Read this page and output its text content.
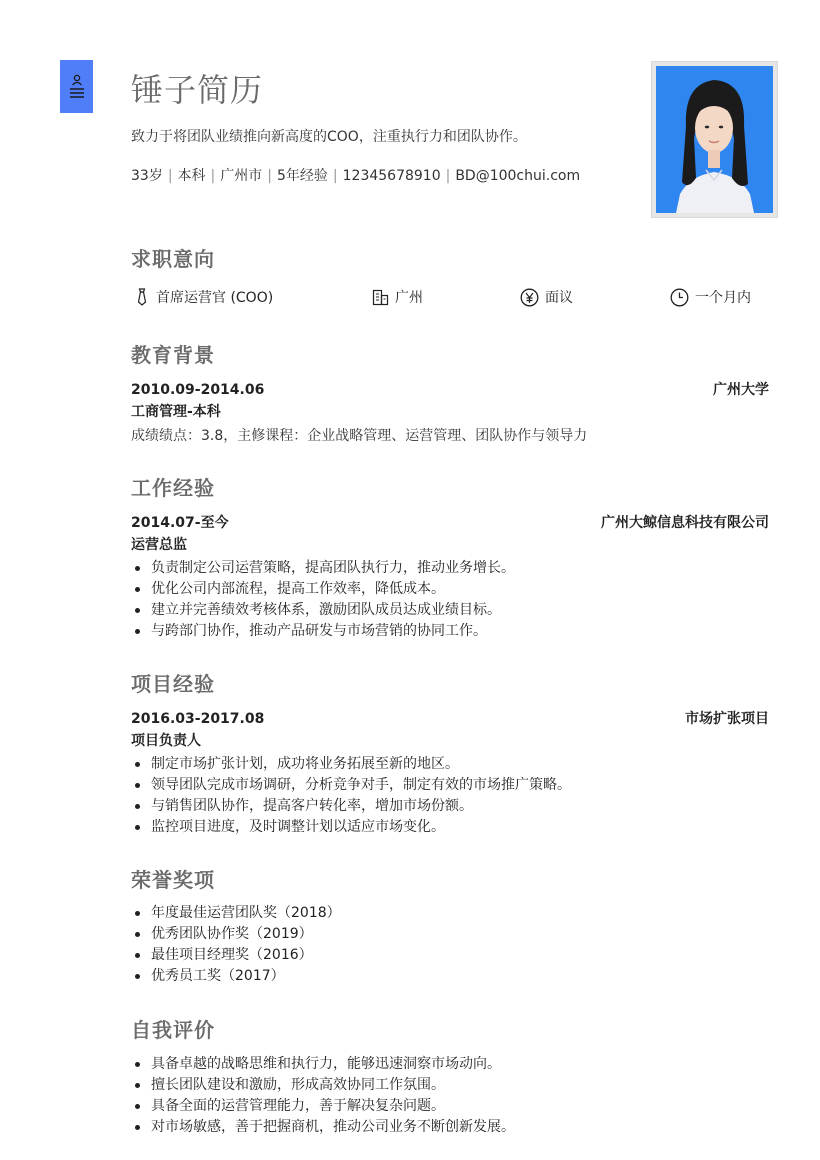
锤子简历
致力于将团队业绩推向新高度的COO，注重执行力和团队协作。
33岁 | 本科 | 广州市 | 5年经验 | 12345678910 | BD@100chui.com
求职意向
首席运营官 (COO)	广州	面议	一个月内
教育背景
2010.09-2014.06	广州大学
工商管理-本科
成绩绩点：3.8，主修课程：企业战略管理、运营管理、团队协作与领导力
工作经验
2014.07-至今	广州大鲸信息科技有限公司
运营总监
负责制定公司运营策略，提高团队执行力，推动业务增长。
优化公司内部流程，提高工作效率，降低成本。
建立并完善绩效考核体系，激励团队成员达成业绩目标。
与跨部门协作，推动产品研发与市场营销的协同工作。
项目经验
2016.03-2017.08	市场扩张项目
项目负责人
制定市场扩张计划，成功将业务拓展至新的地区。
领导团队完成市场调研，分析竞争对手，制定有效的市场推广策略。
与销售团队协作，提高客户转化率，增加市场份额。
监控项目进度，及时调整计划以适应市场变化。
荣誉奖项
年度最佳运营团队奖（2018）
优秀团队协作奖（2019）
最佳项目经理奖（2016）
优秀员工奖（2017）
自我评价
具备卓越的战略思维和执行力，能够迅速洞察市场动向。
擅长团队建设和激励，形成高效协同工作氛围。
具备全面的运营管理能力，善于解决复杂问题。
对市场敏感，善于把握商机，推动公司业务不断创新发展。
